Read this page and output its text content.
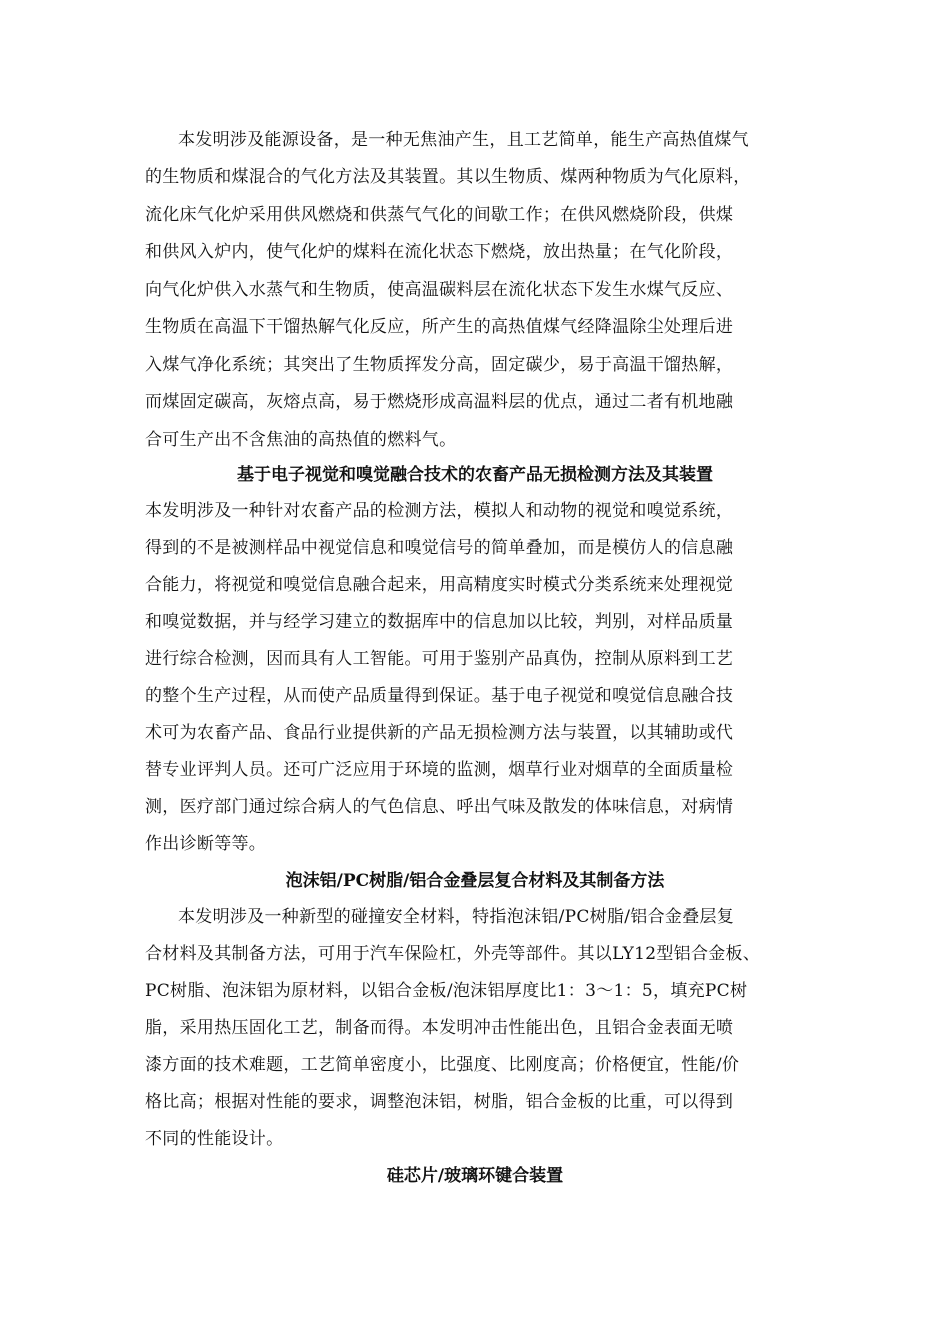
本发明涉及能源设备，是一种无焦油产生，且工艺简单，能生产高热值煤气
的生物质和煤混合的气化方法及其装置。其以生物质、煤两种物质为气化原料，
流化床气化炉采用供风燃烧和供蒸气气化的间歇工作；在供风燃烧阶段，供煤
和供风入炉内，使气化炉的煤料在流化状态下燃烧，放出热量；在气化阶段，
向气化炉供入水蒸气和生物质，使高温碳料层在流化状态下发生水煤气反应、
生物质在高温下干馏热解气化反应，所产生的高热值煤气经降温除尘处理后进
入煤气净化系统；其突出了生物质挥发分高，固定碳少，易于高温干馏热解，
而煤固定碳高，灰熔点高，易于燃烧形成高温料层的优点，通过二者有机地融
合可生产出不含焦油的高热值的燃料气。
基于电子视觉和嗅觉融合技术的农畜产品无损检测方法及其装置
本发明涉及一种针对农畜产品的检测方法，模拟人和动物的视觉和嗅觉系统，
得到的不是被测样品中视觉信息和嗅觉信号的简单叠加，而是模仿人的信息融
合能力，将视觉和嗅觉信息融合起来，用高精度实时模式分类系统来处理视觉
和嗅觉数据，并与经学习建立的数据库中的信息加以比较，判别，对样品质量
进行综合检测，因而具有人工智能。可用于鉴别产品真伪，控制从原料到工艺
的整个生产过程，从而使产品质量得到保证。基于电子视觉和嗅觉信息融合技
术可为农畜产品、食品行业提供新的产品无损检测方法与装置，以其辅助或代
替专业评判人员。还可广泛应用于环境的监测，烟草行业对烟草的全面质量检
测，医疗部门通过综合病人的气色信息、呼出气味及散发的体味信息，对病情
作出诊断等等。
泡沫铝/PC树脂/铝合金叠层复合材料及其制备方法
本发明涉及一种新型的碰撞安全材料，特指泡沫铝/PC树脂/铝合金叠层复
合材料及其制备方法，可用于汽车保险杠，外壳等部件。其以LY12型铝合金板、
PC树脂、泡沫铝为原材料，以铝合金板/泡沫铝厚度比1：3～1：5，填充PC树
脂，采用热压固化工艺，制备而得。本发明冲击性能出色，且铝合金表面无喷
漆方面的技术难题，工艺简单密度小，比强度、比刚度高；价格便宜，性能/价
格比高；根据对性能的要求，调整泡沫铝，树脂，铝合金板的比重，可以得到
不同的性能设计。
硅芯片/玻璃环键合装置
